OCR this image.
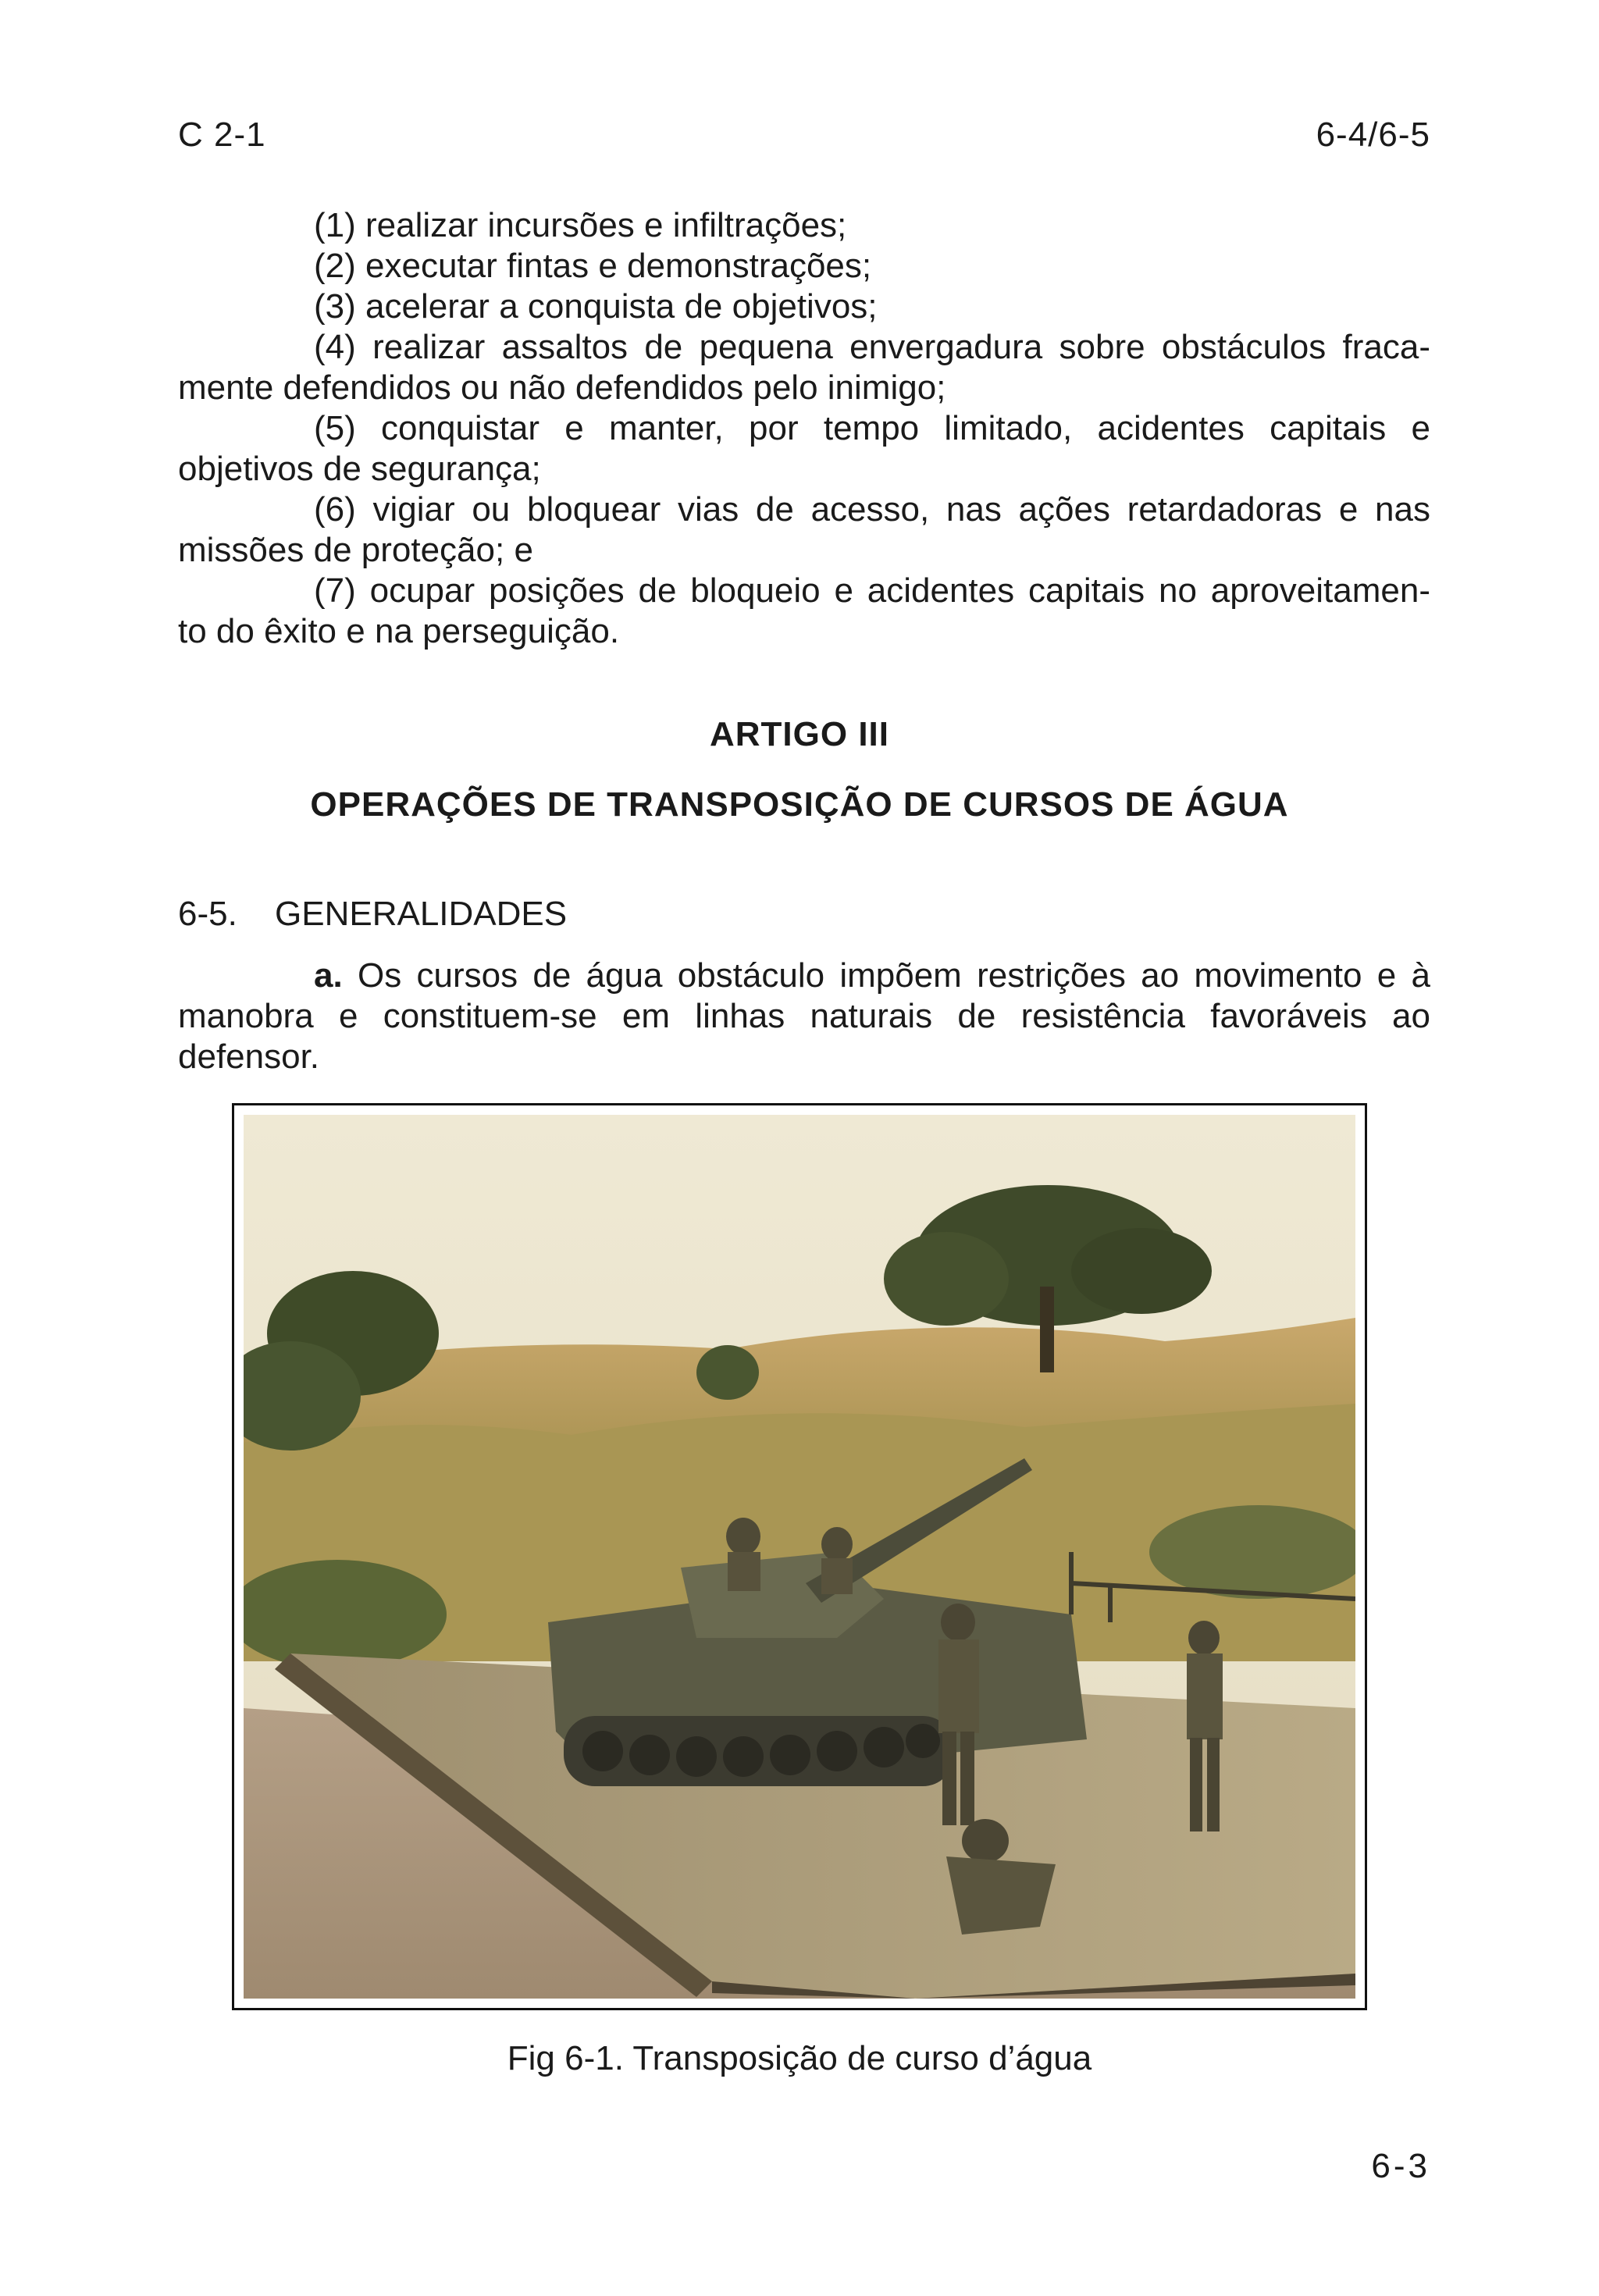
C 2-1	6-4/6-5
(1) realizar incursões e infiltrações;
(2) executar fintas e demonstrações;
(3) acelerar a conquista de objetivos;
(4) realizar assaltos de pequena envergadura sobre obstáculos fraca-
mente defendidos ou não defendidos pelo inimigo;
(5) conquistar e manter, por tempo limitado, acidentes capitais e
objetivos de segurança;
(6) vigiar ou bloquear vias de acesso, nas ações retardadoras e nas
missões de proteção; e
(7) ocupar posições de bloqueio e acidentes capitais no aproveitamen-
to do êxito e na perseguição.
ARTIGO III
OPERAÇÕES DE TRANSPOSIÇÃO DE CURSOS DE ÁGUA
6-5. GENERALIDADES
a. Os cursos de água obstáculo impõem restrições ao movimento e à
manobra e constituem-se em linhas naturais de resistência favoráveis ao
defensor.
Fig 6-1. Transposição de curso d’água
6-3
